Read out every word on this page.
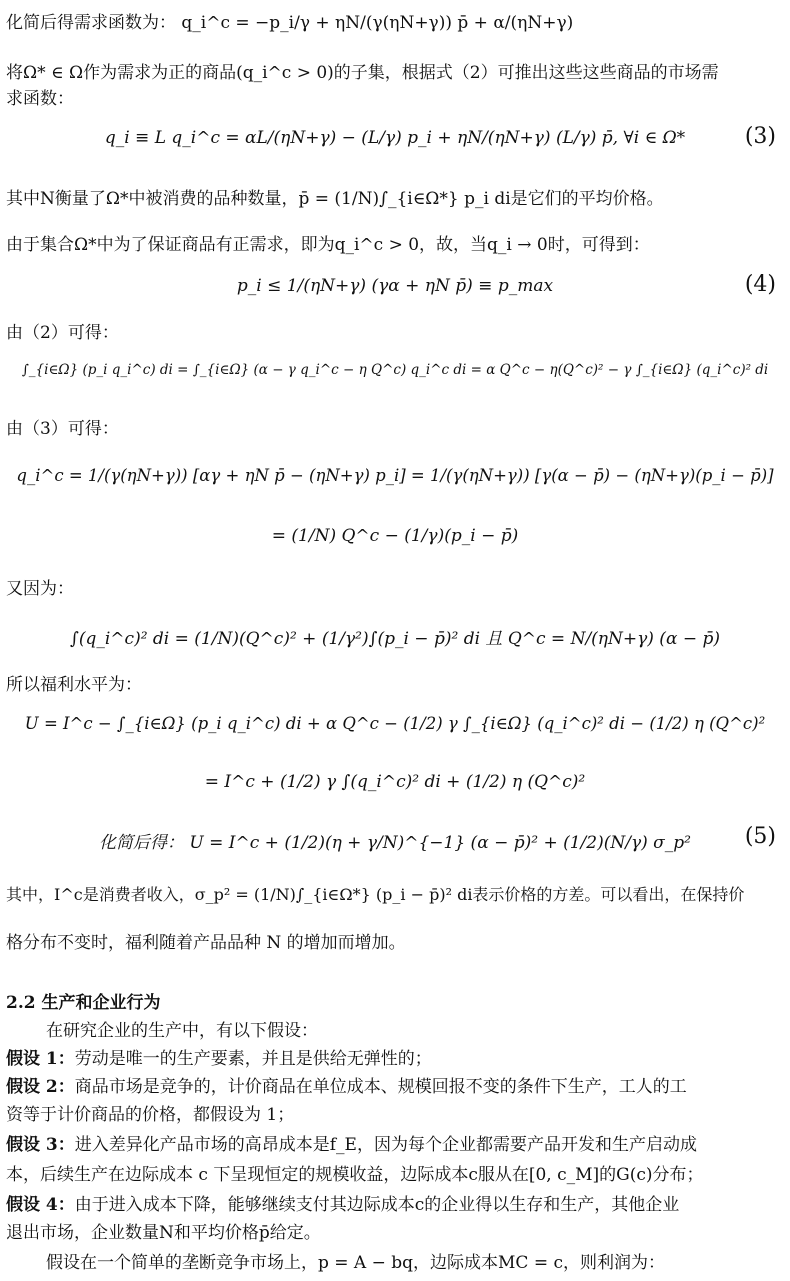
化简后得需求函数为： q_i^c = −p_i/γ + ηN/(γ(ηN+γ)) p̄ + α/(ηN+γ)
将Ω* ∈ Ω作为需求为正的商品(q_i^c > 0)的子集，根据式（2）可推出这些这些商品的市场需
求函数：
q_i ≡ L q_i^c = αL/(ηN+γ) − (L/γ) p_i + ηN/(ηN+γ) (L/γ) p̄, ∀i ∈ Ω*	(3)
其中N衡量了Ω*中被消费的品种数量，p̄ = (1/N)∫_{i∈Ω*} p_i di是它们的平均价格。
由于集合Ω*中为了保证商品有正需求，即为q_i^c > 0，故，当q_i → 0时，可得到：
p_i ≤ 1/(ηN+γ) (γα + ηN p̄) ≡ p_max	(4)
由（2）可得：
∫_{i∈Ω} (p_i q_i^c) di = ∫_{i∈Ω} (α − γ q_i^c − η Q^c) q_i^c di = α Q^c − η(Q^c)² − γ ∫_{i∈Ω} (q_i^c)² di
由（3）可得：
q_i^c = 1/(γ(ηN+γ)) [αγ + ηN p̄ − (ηN+γ) p_i] = 1/(γ(ηN+γ)) [γ(α − p̄) − (ηN+γ)(p_i − p̄)]
= (1/N) Q^c − (1/γ)(p_i − p̄)
又因为：
∫(q_i^c)² di = (1/N)(Q^c)² + (1/γ²)∫(p_i − p̄)² di 且 Q^c = N/(ηN+γ) (α − p̄)
所以福利水平为：
U = I^c − ∫_{i∈Ω} (p_i q_i^c) di + α Q^c − (1/2) γ ∫_{i∈Ω} (q_i^c)² di − (1/2) η (Q^c)²
= I^c + (1/2) γ ∫(q_i^c)² di + (1/2) η (Q^c)²
化简后得： U = I^c + (1/2)(η + γ/N)^{−1} (α − p̄)² + (1/2)(N/γ) σ_p²	(5)
其中，I^c是消费者收入，σ_p² = (1/N)∫_{i∈Ω*} (p_i − p̄)² di表示价格的方差。可以看出，在保持价
格分布不变时，福利随着产品品种 N 的增加而增加。
2.2 生产和企业行为
在研究企业的生产中，有以下假设：
假设 1：劳动是唯一的生产要素，并且是供给无弹性的；
假设 2：商品市场是竞争的，计价商品在单位成本、规模回报不变的条件下生产，工人的工
资等于计价商品的价格，都假设为 1；
假设 3：进入差异化产品市场的高昂成本是f_E，因为每个企业都需要产品开发和生产启动成
本，后续生产在边际成本 c 下呈现恒定的规模收益，边际成本c服从在[0, c_M]的G(c)分布；
假设 4：由于进入成本下降，能够继续支付其边际成本c的企业得以生存和生产，其他企业
退出市场，企业数量N和平均价格p̄给定。
假设在一个简单的垄断竞争市场上，p = A − bq，边际成本MC = c，则利润为：
